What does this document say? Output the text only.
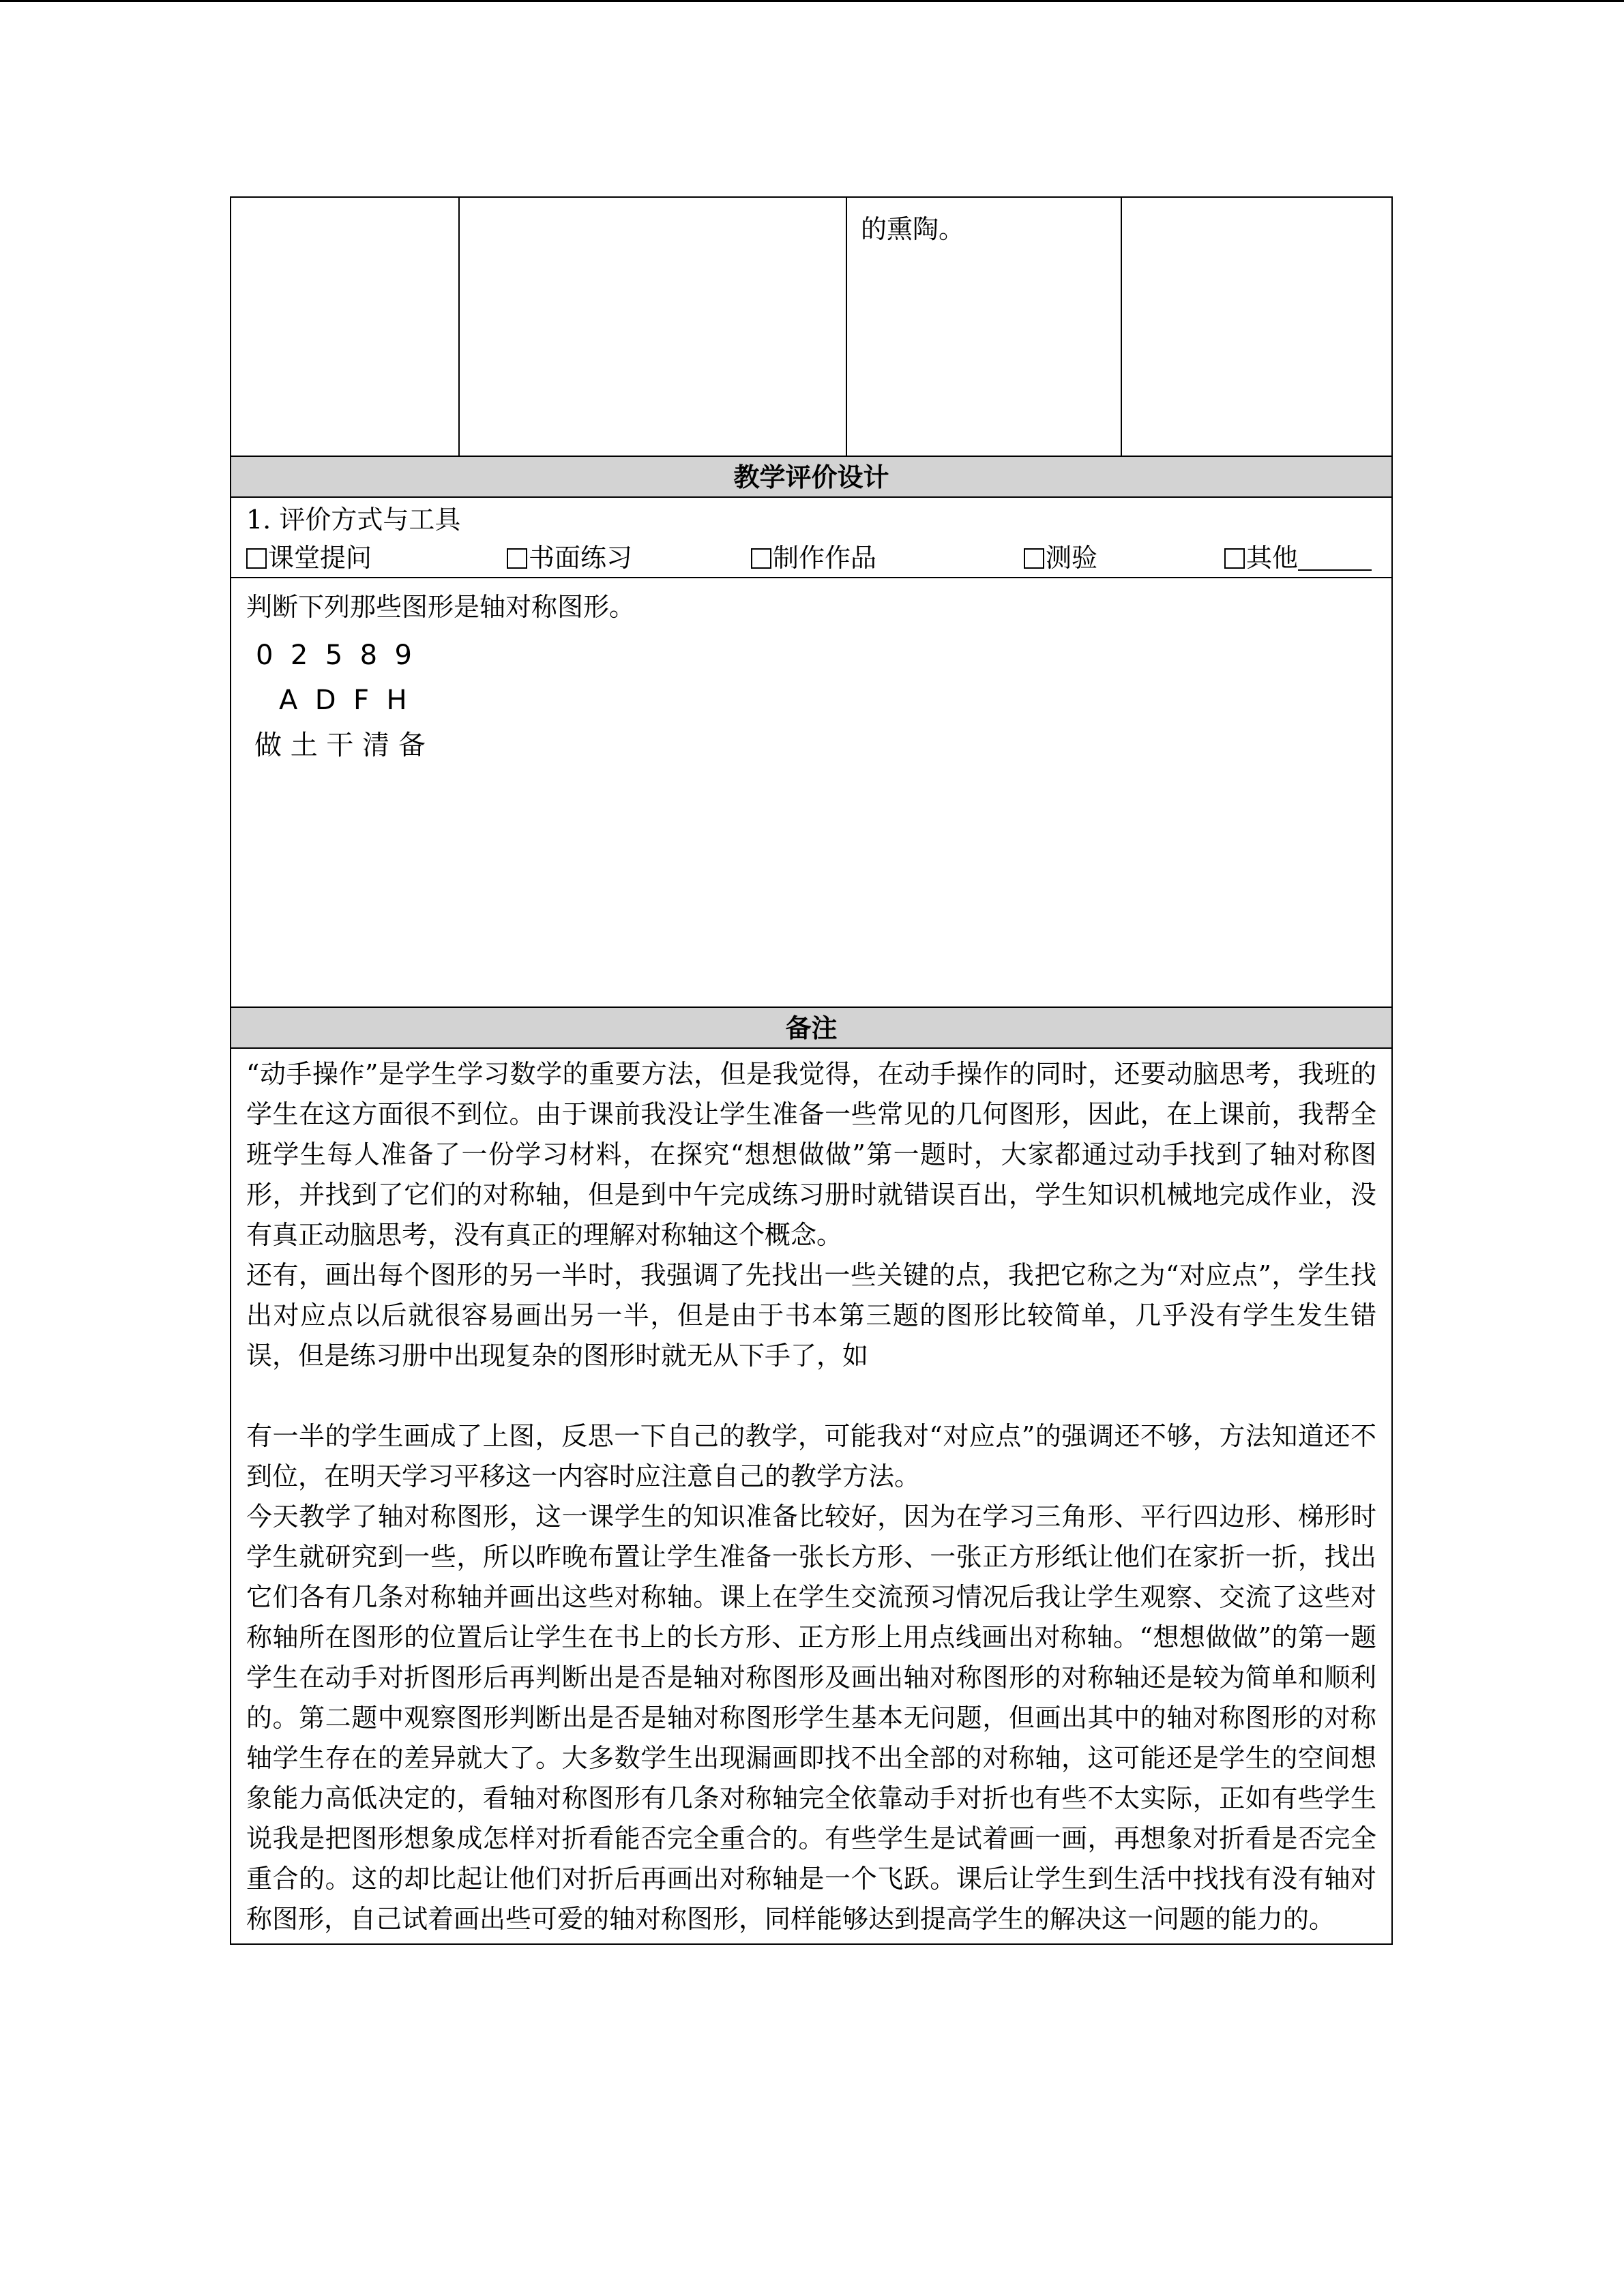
的熏陶。
教学评价设计
1. 评价方式与工具
课堂提问	书面练习	制作作品	测验	其他
判断下列那些图形是轴对称图形。
0  2  5  8  9
A  D  F  H
做 土 干 清 备
备注

“动手操作”是学生学习数学的重要方法，但是我觉得，在动手操作的同时，还要动脑思考，我班的学生在这方面很不到位。由于课前我没让学生准备一些常见的几何图形，因此，在上课前，我帮全班学生每人准备了一份学习材料，在探究“想想做做”第一题时，大家都通过动手找到了轴对称图形，并找到了它们的对称轴，但是到中午完成练习册时就错误百出，学生知识机械地完成作业，没有真正动脑思考，没有真正的理解对称轴这个概念。

还有，画出每个图形的另一半时，我强调了先找出一些关键的点，我把它称之为“对应点”，学生找出对应点以后就很容易画出另一半，但是由于书本第三题的图形比较简单，几乎没有学生发生错误，但是练习册中出现复杂的图形时就无从下手了，如

有一半的学生画成了上图，反思一下自己的教学，可能我对“对应点”的强调还不够，方法知道还不到位，在明天学习平移这一内容时应注意自己的教学方法。

今天教学了轴对称图形，这一课学生的知识准备比较好，因为在学习三角形、平行四边形、梯形时学生就研究到一些，所以昨晚布置让学生准备一张长方形、一张正方形纸让他们在家折一折，找出它们各有几条对称轴并画出这些对称轴。课上在学生交流预习情况后我让学生观察、交流了这些对称轴所在图形的位置后让学生在书上的长方形、正方形上用点线画出对称轴。“想想做做”的第一题学生在动手对折图形后再判断出是否是轴对称图形及画出轴对称图形的对称轴还是较为简单和顺利的。第二题中观察图形判断出是否是轴对称图形学生基本无问题，但画出其中的轴对称图形的对称轴学生存在的差异就大了。大多数学生出现漏画即找不出全部的对称轴，这可能还是学生的空间想象能力高低决定的，看轴对称图形有几条对称轴完全依靠动手对折也有些不太实际，正如有些学生说我是把图形想象成怎样对折看能否完全重合的。有些学生是试着画一画，再想象对折看是否完全重合的。这的却比起让他们对折后再画出对称轴是一个飞跃。课后让学生到生活中找找有没有轴对称图形，自己试着画出些可爱的轴对称图形，同样能够达到提高学生的解决这一问题的能力的。
